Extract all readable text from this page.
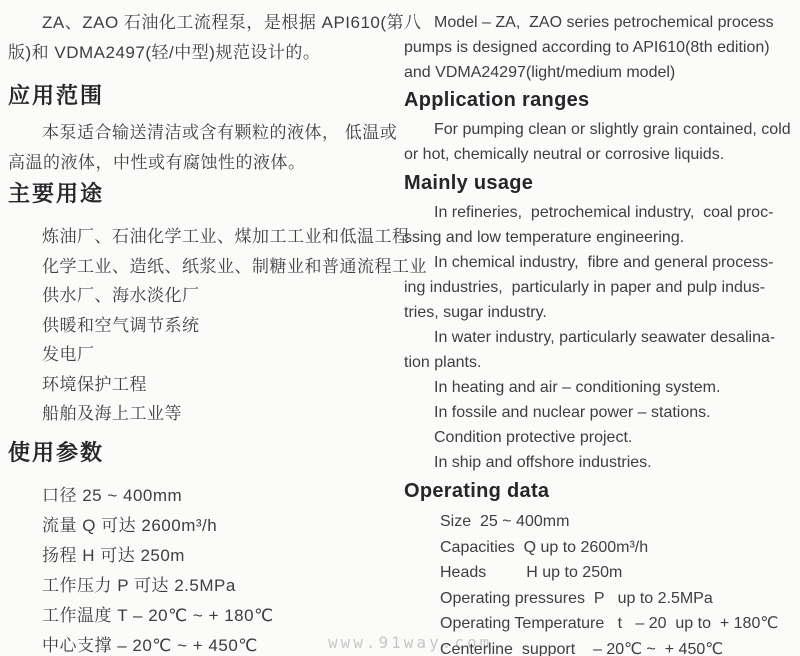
ZA、ZAO 石油化工流程泵，是根据 API610(第八
版)和 VDMA2497(轻/中型)规范设计的。
应用范围
本泵适合输送清洁或含有颗粒的液体， 低温或
高温的液体，中性或有腐蚀性的液体。
主要用途
炼油厂、石油化学工业、煤加工工业和低温工程
化学工业、造纸、纸浆业、制糖业和普通流程工业
供水厂、海水淡化厂
供暖和空气调节系统
发电厂
环境保护工程
船舶及海上工业等
使用参数
口径 25 ~ 400mm
流量 Q 可达 2600m³/h
扬程 H 可达 250m
工作压力 P 可达 2.5MPa
工作温度 T – 20℃ ~ + 180℃
中心支撑 – 20℃ ~ + 450℃
Model – ZA,  ZAO series petrochemical process
pumps is designed according to API610(8th edition)
and VDMA24297(light/medium model)
Application ranges
For pumping clean or slightly grain contained, cold
or hot, chemically neutral or corrosive liquids.
Mainly usage
In refineries,  petrochemical industry,  coal proc-
ssing and low temperature engineering.
In chemical industry,  fibre and general process-
ing industries,  particularly in paper and pulp indus-
tries, sugar industry.
In water industry, particularly seawater desalina-
tion plants.
In heating and air – conditioning system.
In fossile and nuclear power – stations.
Condition protective project.
In ship and offshore industries.
Operating data
Size  25 ~ 400mm
Capacities  Q up to 2600m³/h
Heads         H up to 250m
Operating pressures  P   up to 2.5MPa
Operating Temperature   t   – 20  up to  + 180℃
Centerline  support    – 20℃ ~  + 450℃
www.91way.com
